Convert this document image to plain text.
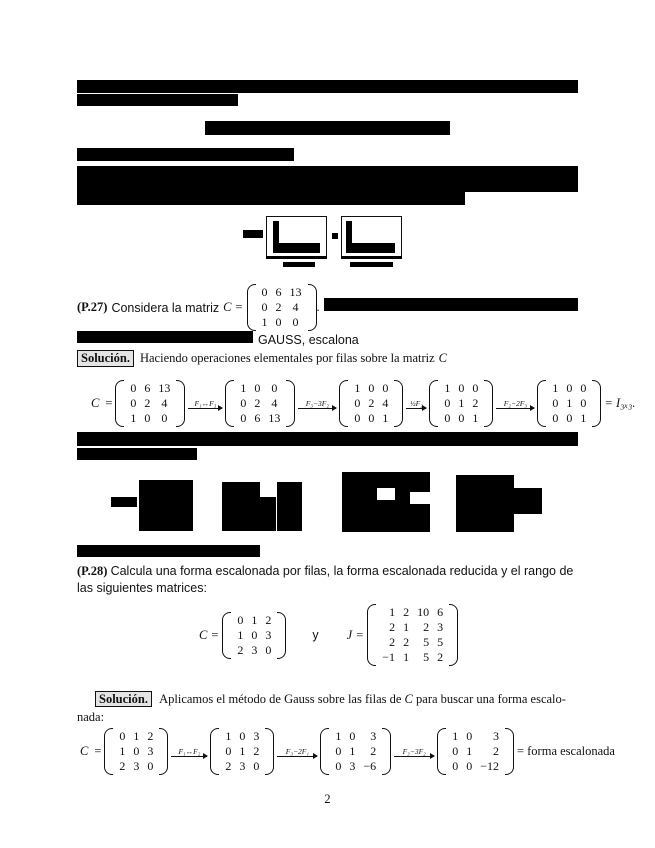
(P.27) Considera la matriz C =
0	6	13
0	2	4
1	0	0
.
GAUSS, escalona
Solución. Haciendo operaciones elementales por filas sobre la matriz C
C =
0	6	13
0	2	4
1	0	0
F₁↔F₃
1	0	0
0	2	4
0	6	13
F₃−3F₂
1	0	0
0	2	4
0	0	1
½F₂
1	0	0
0	1	2
0	0	1
F₂−2F₃
1	0	0
0	1	0
0	0	1
= I₃ₓ₃.
(P.28) Calcula una forma escalonada por filas, la forma escalonada reducida y el rango de las siguientes matrices:
C =
0	1	2
1	0	3
2	3	0
y J =
1	2	10	6
2	1	2	3
2	2	5	5
−1	1	5	2
Solución. Aplicamos el método de Gauss sobre las filas de C para buscar una forma escalo-
nada:
C =
0	1	2
1	0	3
2	3	0
F₁↔F₂
1	0	3
0	1	2
2	3	0
F₃−2F₁
1	0	3
0	1	2
0	3	−6
F₃−3F₂
1	0	3
0	1	2
0	0	−12
= forma escalonada
2
